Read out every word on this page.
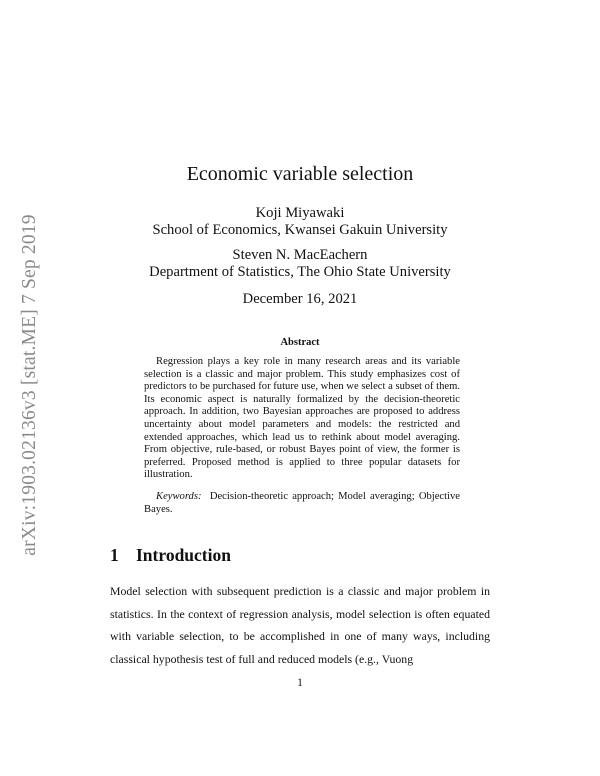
arXiv:1903.02136v3 [stat.ME] 7 Sep 2019
Economic variable selection

Koji Miyawaki

School of Economics, Kwansei Gakuin University

Steven N. MacEachern

Department of Statistics, The Ohio State University

December 16, 2021

Abstract

Regression plays a key role in many research areas and its variable selection is a classic and major problem. This study emphasizes cost of predictors to be purchased for future use, when we select a subset of them. Its economic aspect is naturally formalized by the decision-theoretic approach. In addition, two Bayesian approaches are proposed to address uncertainty about model parameters and models: the restricted and extended approaches, which lead us to rethink about model averaging. From objective, rule-based, or robust Bayes point of view, the former is preferred. Proposed method is applied to three popular datasets for illustration.

Keywords: Decision-theoretic approach; Model averaging; Objective Bayes.

1 Introduction

Model selection with subsequent prediction is a classic and major problem in statistics. In the context of regression analysis, model selection is often equated with variable selection, to be accomplished in one of many ways, including classical hypothesis test of full and reduced models (e.g., Vuong

1
